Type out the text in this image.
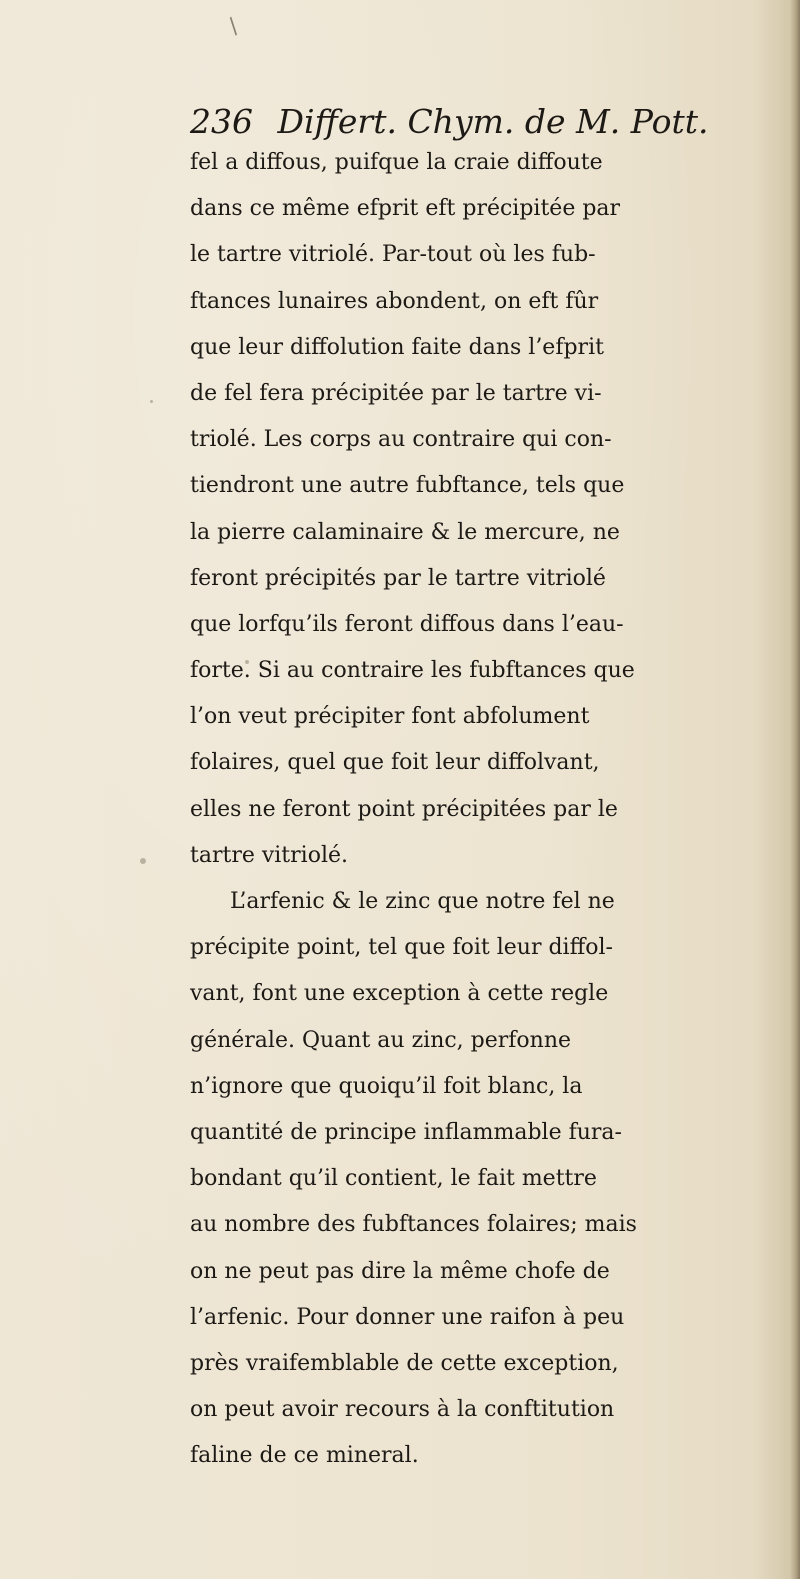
/
236 Differt. Chym. de M. Pott.
fel a diffous, puifque la craie diffoute
dans ce même efprit eft précipitée par
le tartre vitriolé. Par-tout où les fub-
ftances lunaires abondent, on eft fûr
que leur diffolution faite dans l’efprit
de fel fera précipitée par le tartre vi-
triolé. Les corps au contraire qui con-
tiendront une autre fubftance, tels que
la pierre calaminaire & le mercure, ne
feront précipités par le tartre vitriolé
que lorfqu’ils feront diffous dans l’eau-
forte. Si au contraire les fubftances que
l’on veut précipiter font abfolument
folaires, quel que foit leur diffolvant,
elles ne feront point précipitées par le
tartre vitriolé.
L’arfenic & le zinc que notre fel ne
précipite point, tel que foit leur diffol-
vant, font une exception à cette regle
générale. Quant au zinc, perfonne
n’ignore que quoiqu’il foit blanc, la
quantité de principe inflammable fura-
bondant qu’il contient, le fait mettre
au nombre des fubftances folaires; mais
on ne peut pas dire la même chofe de
l’arfenic. Pour donner une raifon à peu
près vraifemblable de cette exception,
on peut avoir recours à la conftitution
faline de ce mineral.
